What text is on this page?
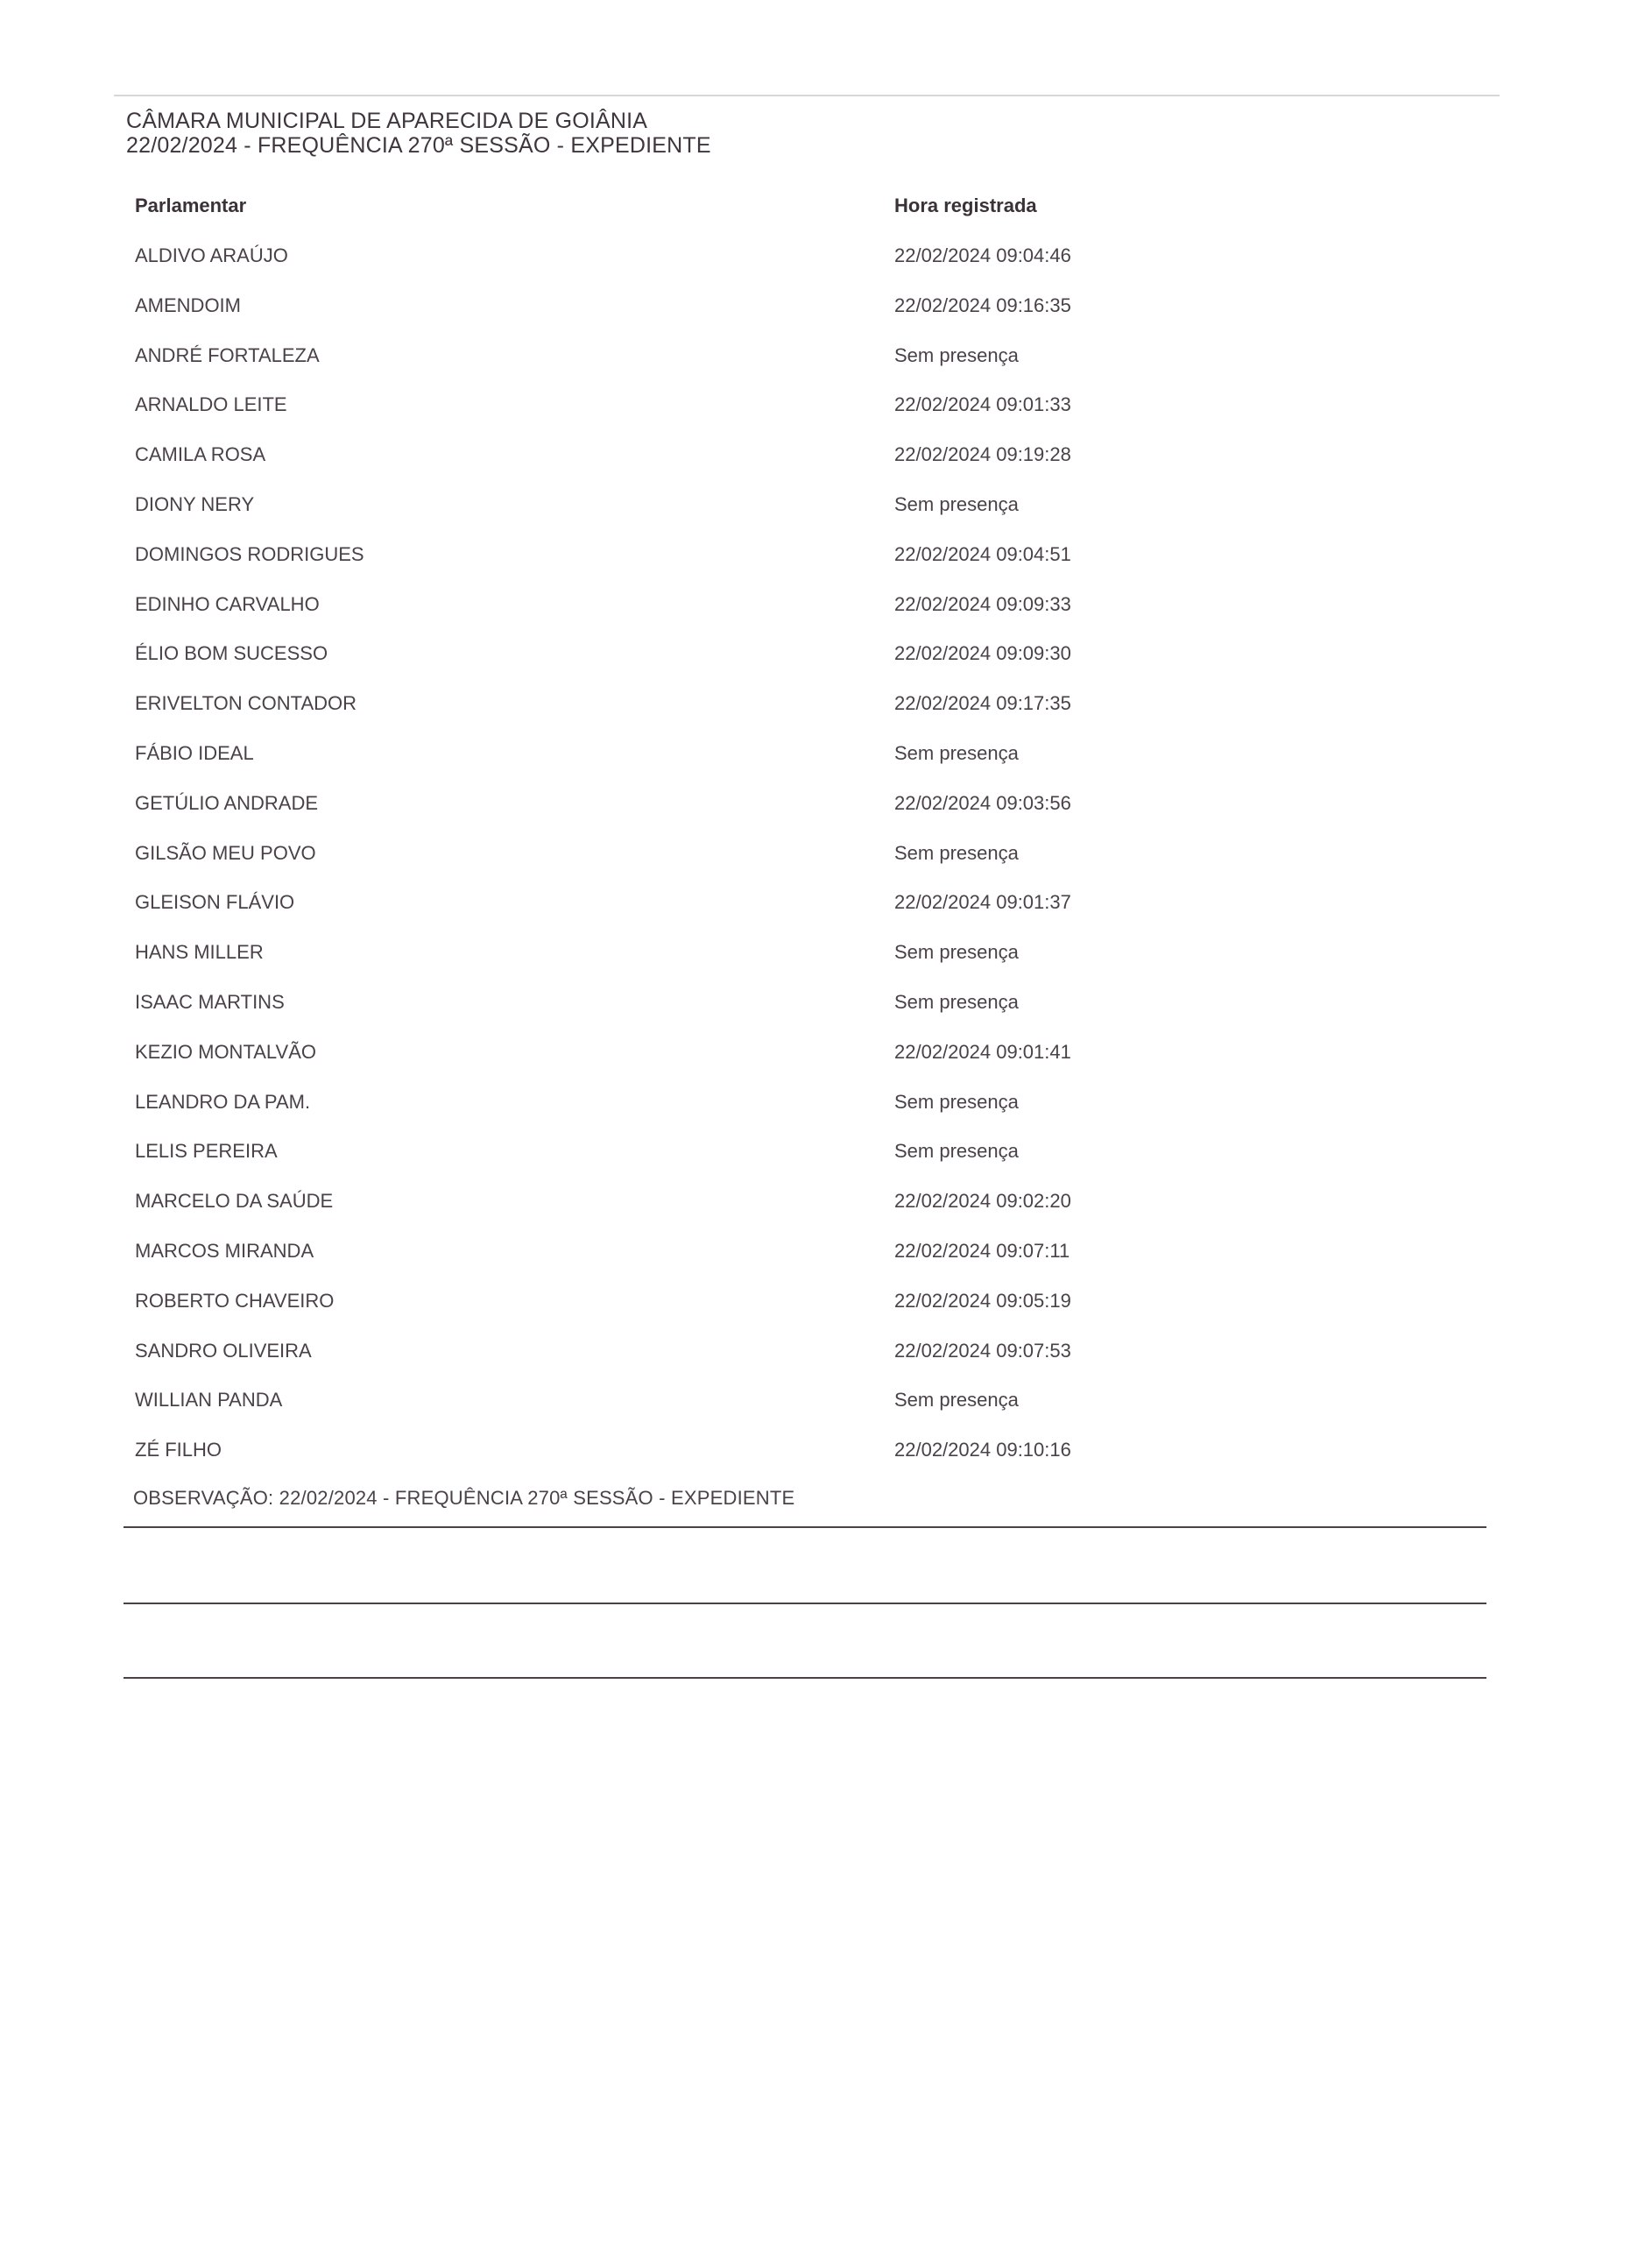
CÂMARA MUNICIPAL DE APARECIDA DE GOIÂNIA
22/02/2024 - FREQUÊNCIA 270ª SESSÃO - EXPEDIENTE
Parlamentar	Hora registrada
ALDIVO ARAÚJO	22/02/2024 09:04:46
AMENDOIM	22/02/2024 09:16:35
ANDRÉ FORTALEZA	Sem presença
ARNALDO LEITE	22/02/2024 09:01:33
CAMILA ROSA	22/02/2024 09:19:28
DIONY NERY	Sem presença
DOMINGOS RODRIGUES	22/02/2024 09:04:51
EDINHO CARVALHO	22/02/2024 09:09:33
ÉLIO BOM SUCESSO	22/02/2024 09:09:30
ERIVELTON CONTADOR	22/02/2024 09:17:35
FÁBIO IDEAL	Sem presença
GETÚLIO ANDRADE	22/02/2024 09:03:56
GILSÃO MEU POVO	Sem presença
GLEISON FLÁVIO	22/02/2024 09:01:37
HANS MILLER	Sem presença
ISAAC MARTINS	Sem presença
KEZIO MONTALVÃO	22/02/2024 09:01:41
LEANDRO DA PAM.	Sem presença
LELIS PEREIRA	Sem presença
MARCELO DA SAÚDE	22/02/2024 09:02:20
MARCOS MIRANDA	22/02/2024 09:07:11
ROBERTO CHAVEIRO	22/02/2024 09:05:19
SANDRO OLIVEIRA	22/02/2024 09:07:53
WILLIAN PANDA	Sem presença
ZÉ FILHO	22/02/2024 09:10:16
OBSERVAÇÃO: 22/02/2024 - FREQUÊNCIA 270ª SESSÃO - EXPEDIENTE
